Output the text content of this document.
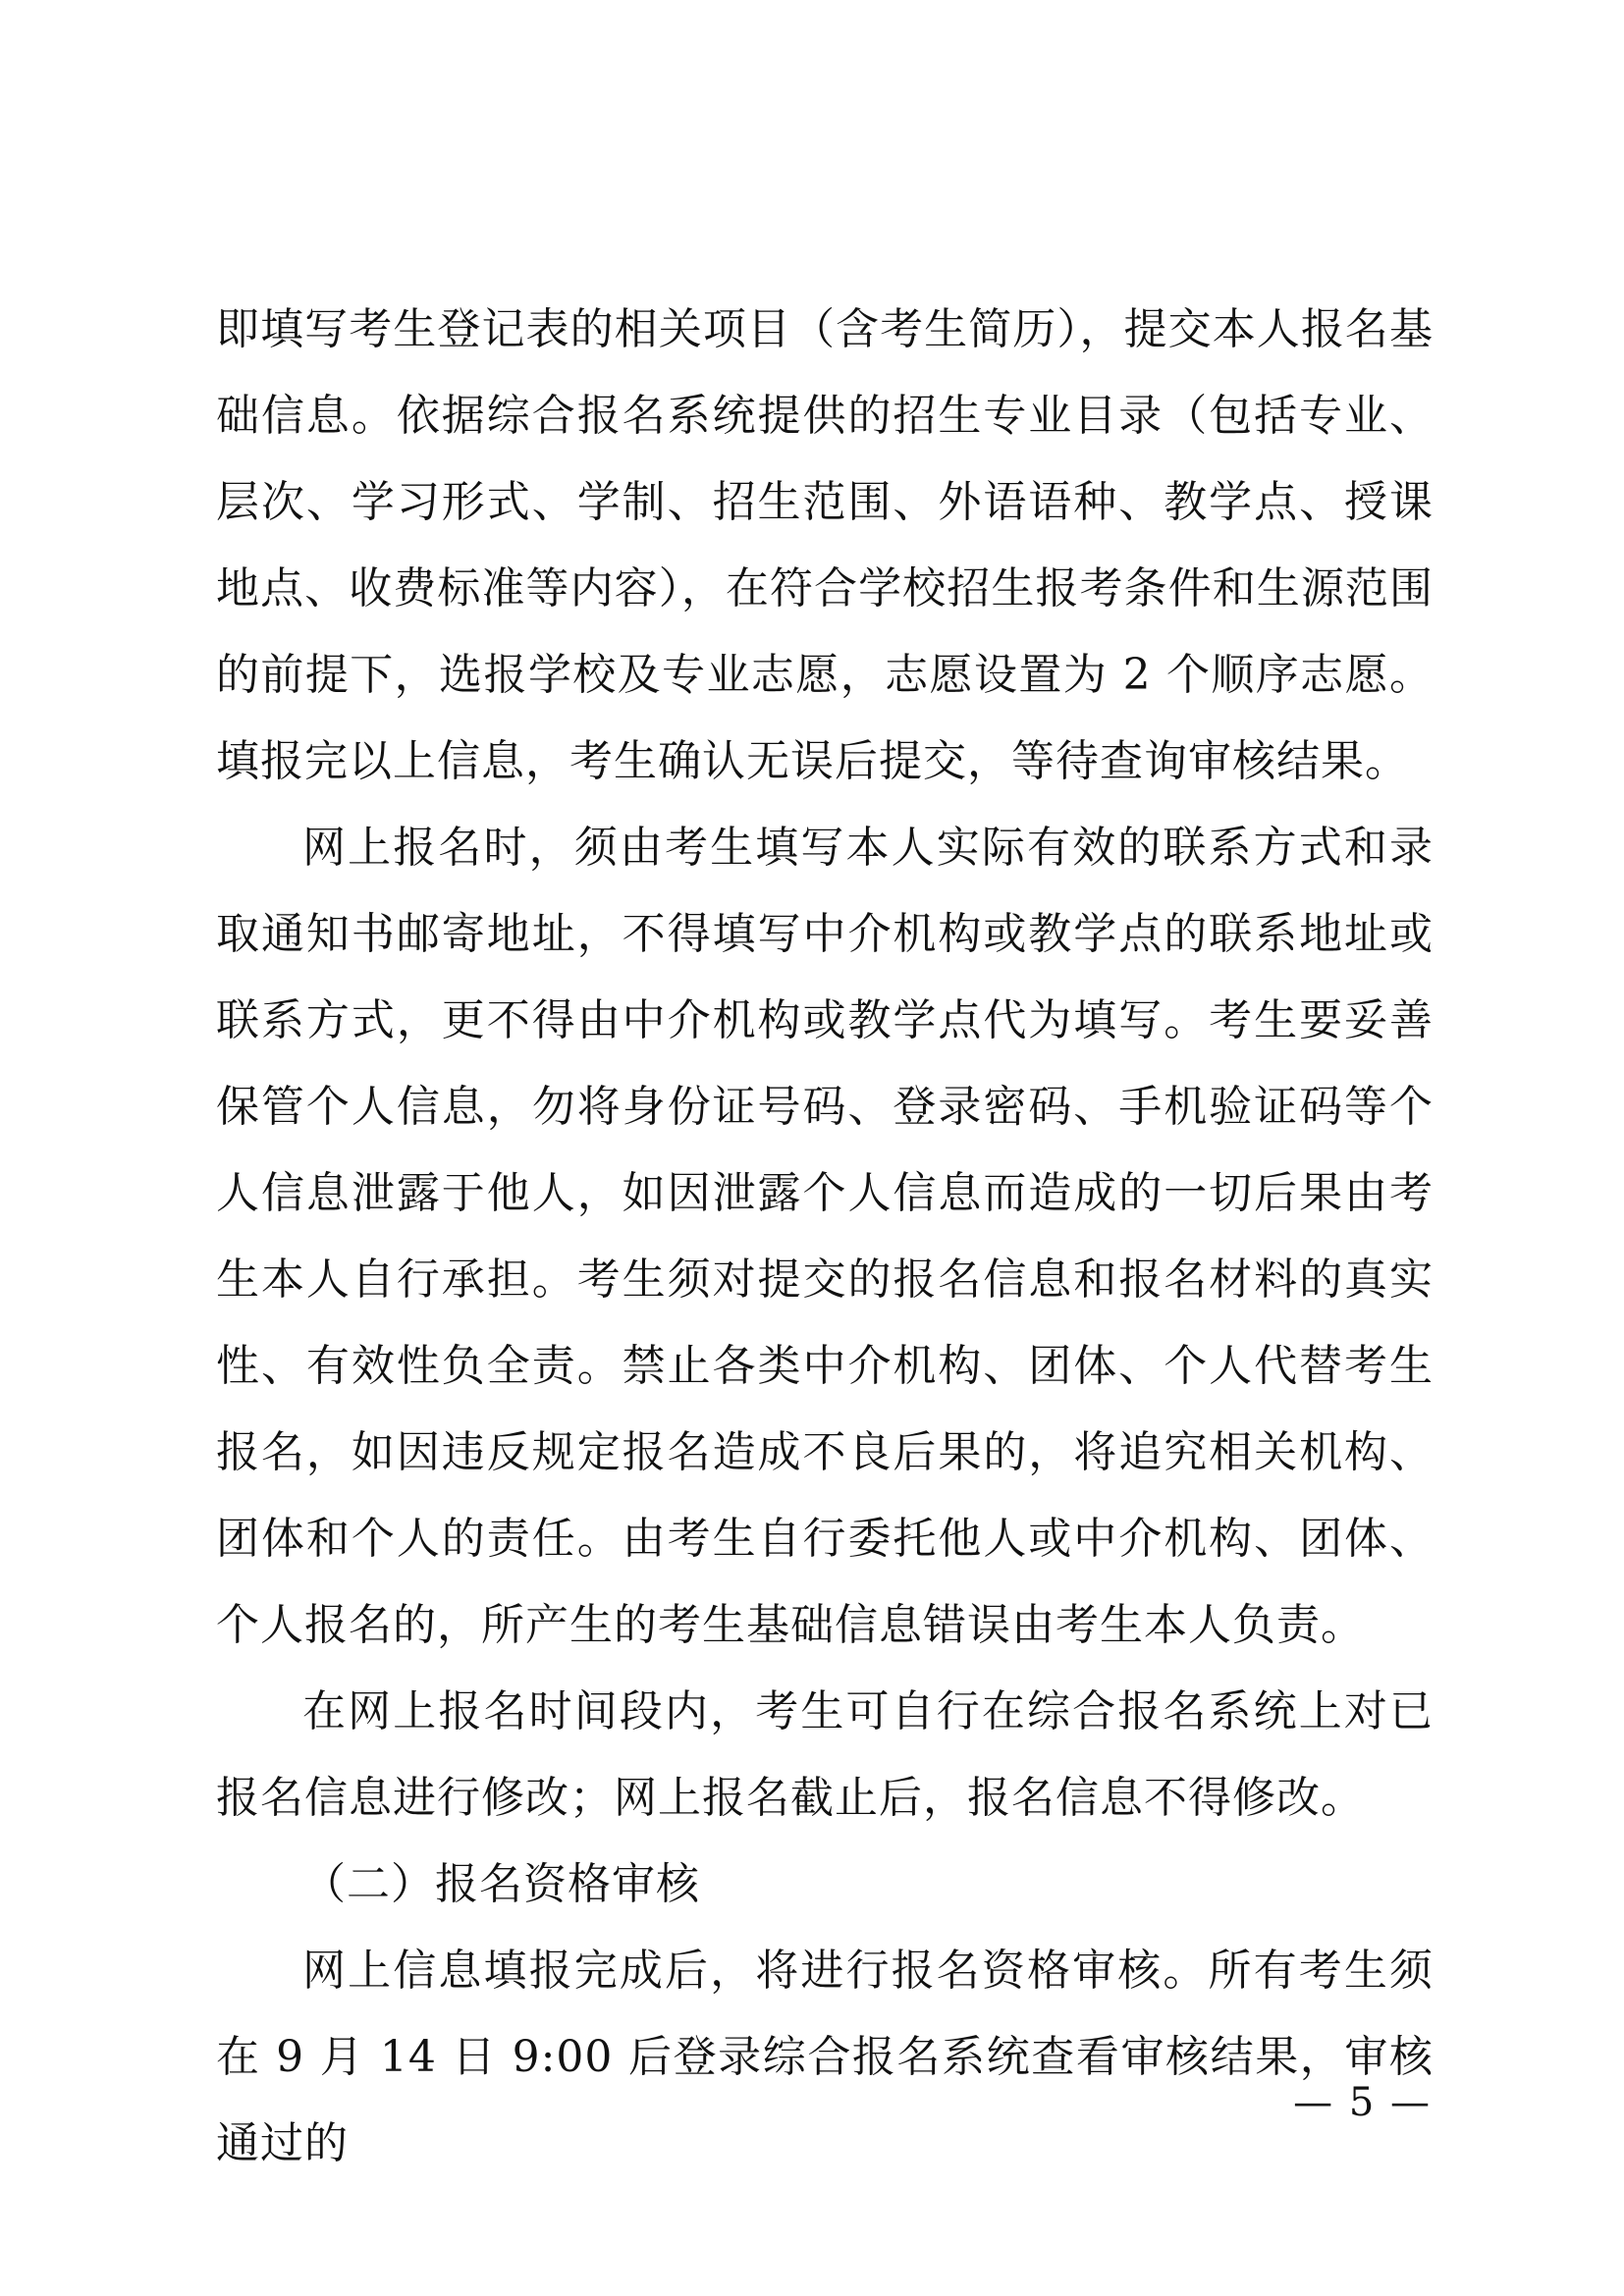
即填写考生登记表的相关项目（含考生简历），提交本人报名基础信息。依据综合报名系统提供的招生专业目录（包括专业、层次、学习形式、学制、招生范围、外语语种、教学点、授课地点、收费标准等内容），在符合学校招生报考条件和生源范围的前提下，选报学校及专业志愿，志愿设置为 2 个顺序志愿。填报完以上信息，考生确认无误后提交，等待查询审核结果。

网上报名时，须由考生填写本人实际有效的联系方式和录取通知书邮寄地址，不得填写中介机构或教学点的联系地址或联系方式，更不得由中介机构或教学点代为填写。考生要妥善保管个人信息，勿将身份证号码、登录密码、手机验证码等个人信息泄露于他人，如因泄露个人信息而造成的一切后果由考生本人自行承担。考生须对提交的报名信息和报名材料的真实性、有效性负全责。禁止各类中介机构、团体、个人代替考生报名，如因违反规定报名造成不良后果的，将追究相关机构、团体和个人的责任。由考生自行委托他人或中介机构、团体、个人报名的，所产生的考生基础信息错误由考生本人负责。

在网上报名时间段内，考生可自行在综合报名系统上对已报名信息进行修改；网上报名截止后，报名信息不得修改。

（二）报名资格审核

网上信息填报完成后，将进行报名资格审核。所有考生须在 9 月 14 日 9:00 后登录综合报名系统查看审核结果，审核通过的

— 5 —
